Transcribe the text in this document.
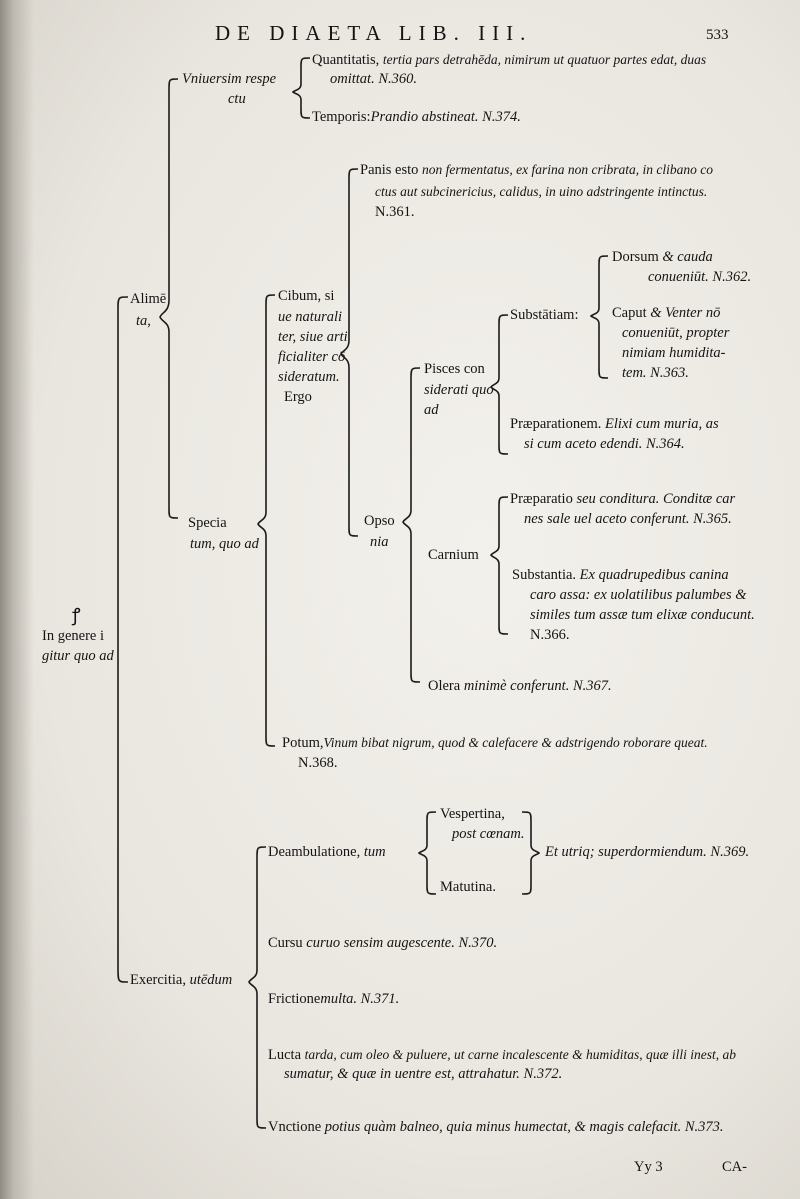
DE DIAETA LIB. III.	533
ꝭ
In genere i
gitur quo ad
Alimē
ta,
Vniuersim respe
ctu
Quantitatis, tertia pars detrahēda, nimirum ut quatuor partes edat, duas
omittat. N.360.
Temporis:Prandio abstineat. N.374.
Specia
tum, quo ad
Cibum, si
ue naturali
ter, siue arti
ficialiter cō
sideratum.
Ergo
Panis esto non fermentatus, ex farina non cribrata, in clibano co
ctus aut subcinericius, calidus, in uino adstringente intinctus.
N.361.
Opso
nia
Pisces con
siderati quo
ad
Substātiam:
Dorsum & cauda
conueniūt. N.362.
Caput & Venter nō
conueniūt, propter
nimiam humidita-
tem. N.363.
Præparationem. Elixi cum muria, as
si cum aceto edendi. N.364.
Carnium
Præparatio seu conditura. Conditæ car
nes sale uel aceto conferunt. N.365.
Substantia. Ex quadrupedibus canina
caro assa: ex uolatilibus palumbes &
similes tum assæ tum elixæ conducunt.
N.366.
Olera minimè conferunt. N.367.
Potum,Vinum bibat nigrum, quod & calefacere & adstrigendo roborare queat.
N.368.
Exercitia, utēdum
Deambulatione, tum
Vespertina,
post cœnam.
Matutina.
Et utriq; superdormiendum. N.369.
Cursu curuo sensim augescente. N.370.
Frictionemulta. N.371.
Lucta tarda, cum oleo & puluere, ut carne incalescente & humiditas, quæ illi inest, ab
sumatur, & quæ in uentre est, attrahatur. N.372.
Vnctione potius quàm balneo, quia minus humectat, & magis calefacit. N.373.
Yy 3	CA-
